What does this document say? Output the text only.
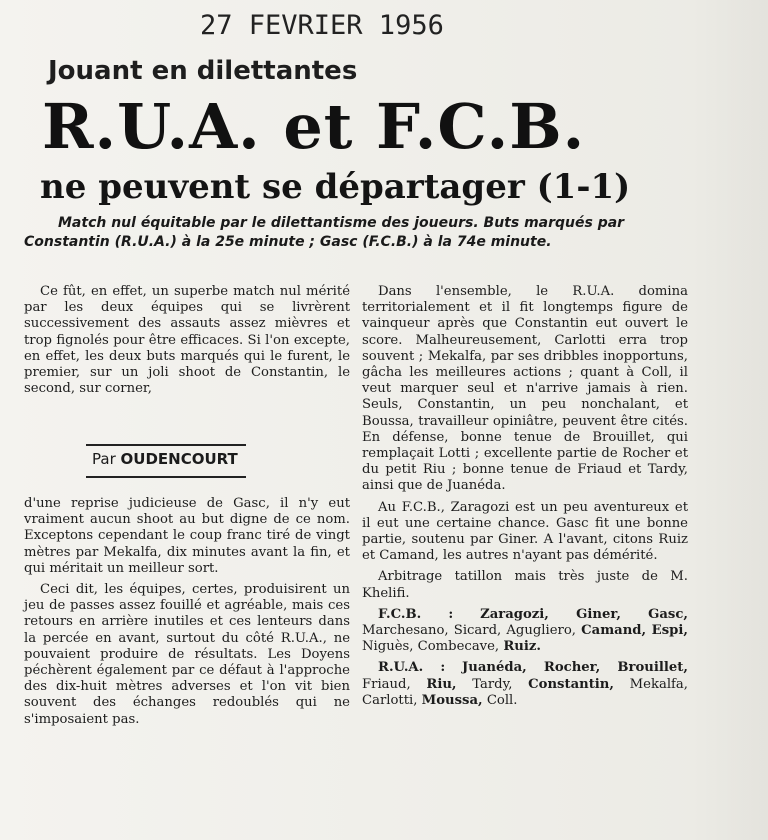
27 FEVRIER 1956
Jouant en dilettantes
R.U.A. et F.C.B.
ne peuvent se départager (1-1)
Match nul équitable par le dilettantisme des joueurs. Buts marqués par Constantin (R.U.A.) à la 25e minute ; Gasc (F.C.B.) à la 74e minute.

Ce fût, en effet, un superbe match nul mérité par les deux équipes qui se livrèrent successivement des assauts assez mièvres et trop fignolés pour être efficaces. Si l'on excepte, en effet, les deux buts marqués qui le furent, le premier, sur un joli shoot de Constantin, le second, sur corner,

Par OUDENCOURT

d'une reprise judicieuse de Gasc, il n'y eut vraiment aucun shoot au but digne de ce nom. Exceptons cependant le coup franc tiré de vingt mètres par Mekalfa, dix minutes avant la fin, et qui méritait un meilleur sort.

Ceci dit, les équipes, certes, produisirent un jeu de passes assez fouillé et agréable, mais ces retours en arrière inutiles et ces lenteurs dans la percée en avant, surtout du côté R.U.A., ne pouvaient produire de résultats. Les Doyens péchèrent également par ce défaut à l'approche des dix-huit mètres adverses et l'on vit bien souvent des échanges redoublés qui ne s'imposaient pas.

Dans l'ensemble, le R.U.A. domina territorialement et il fit longtemps figure de vainqueur après que Constantin eut ouvert le score. Malheureusement, Carlotti erra trop souvent ; Mekalfa, par ses dribbles inopportuns, gâcha les meilleures actions ; quant à Coll, il veut marquer seul et n'arrive jamais à rien. Seuls, Constantin, un peu nonchalant, et Boussa, travailleur opiniâtre, peuvent être cités. En défense, bonne tenue de Brouillet, qui remplaçait Lotti ; excellente partie de Rocher et du petit Riu ; bonne tenue de Friaud et Tardy, ainsi que de Juanéda.

Au F.C.B., Zaragozi est un peu aventureux et il eut une certaine chance. Gasc fit une bonne partie, soutenu par Giner. A l'avant, citons Ruiz et Camand, les autres n'ayant pas démérité.

Arbitrage tatillon mais très juste de M. Khelifi.

F.C.B. : Zaragozi, Giner, Gasc, Marchesano, Sicard, Agugliero, Camand, Espi, Niguès, Combecave, Ruiz.

R.U.A. : Juanéda, Rocher, Brouillet, Friaud, Riu, Tardy, Constantin, Mekalfa, Carlotti, Moussa, Coll.
